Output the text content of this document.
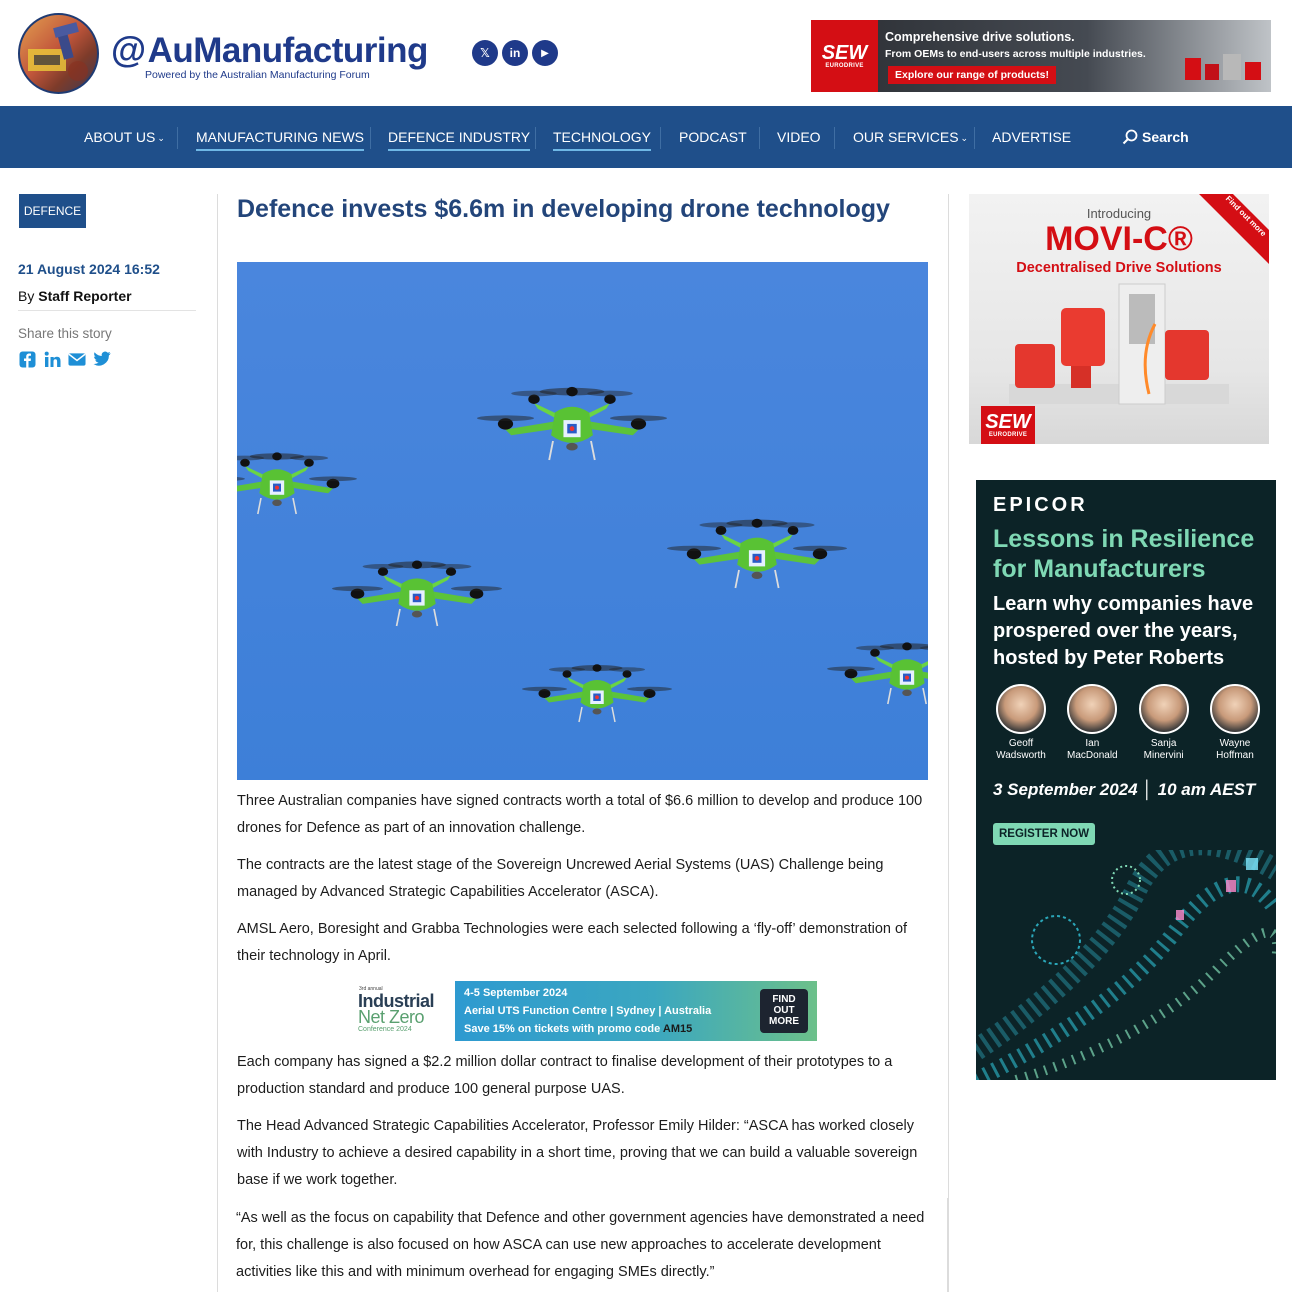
@AuManufacturing
Powered by the Australian Manufacturing Forum
𝕏	in	▶	SEW
EURODRIVE
Comprehensive drive solutions.
From OEMs to end-users across multiple industries.
Explore our range of products!
ABOUT US ⌄ MANUFACTURING NEWS DEFENCE INDUSTRY TECHNOLOGY PODCAST VIDEO OUR SERVICES ⌄ ADVERTISE	Search
DEFENCE
21 August 2024 16:52
By Staff Reporter
Share this story
Defence invests $6.6m in developing drone technology

Three Australian companies have signed contracts worth a total of $6.6 million to develop and produce 100 drones for Defence as part of an innovation challenge.

The contracts are the latest stage of the Sovereign Uncrewed Aerial Systems (UAS) Challenge being managed by Advanced Strategic Capabilities Accelerator (ASCA).

AMSL Aero, Boresight and Grabba Technologies were each selected following a ‘fly-off’ demonstration of their technology in April.

3rd annual
Industrial
Net Zero
Conference 2024
4-5 September 2024
Aerial UTS Function Centre | Sydney | Australia
Save 15% on tickets with promo code AM15
FIND
OUT
MORE

Each company has signed a $2.2 million dollar contract to finalise development of their prototypes to a production standard and produce 100 general purpose UAS.

The Head Advanced Strategic Capabilities Accelerator, Professor Emily Hilder: “ASCA has worked closely with Industry to achieve a desired capability in a short time, proving that we can build a valuable sovereign base if we work together.

“As well as the focus on capability that Defence and other government agencies have demonstrated a need for, this challenge is also focused on how ASCA can use new approaches to accelerate development activities like this and with minimum overhead for engaging SMEs directly.”

Introducing
MOVI-C®
Decentralised Drive Solutions
Find out more
SEW
EURODRIVE
EPICOR
Lessons in Resilience for Manufacturers
Learn why companies have prospered over the years, hosted by Peter Roberts
Geoff
Wadsworth
Ian
MacDonald
Sanja
Minervini
Wayne
Hoffman
3 September 2024 │ 10 am AEST
REGISTER NOW
